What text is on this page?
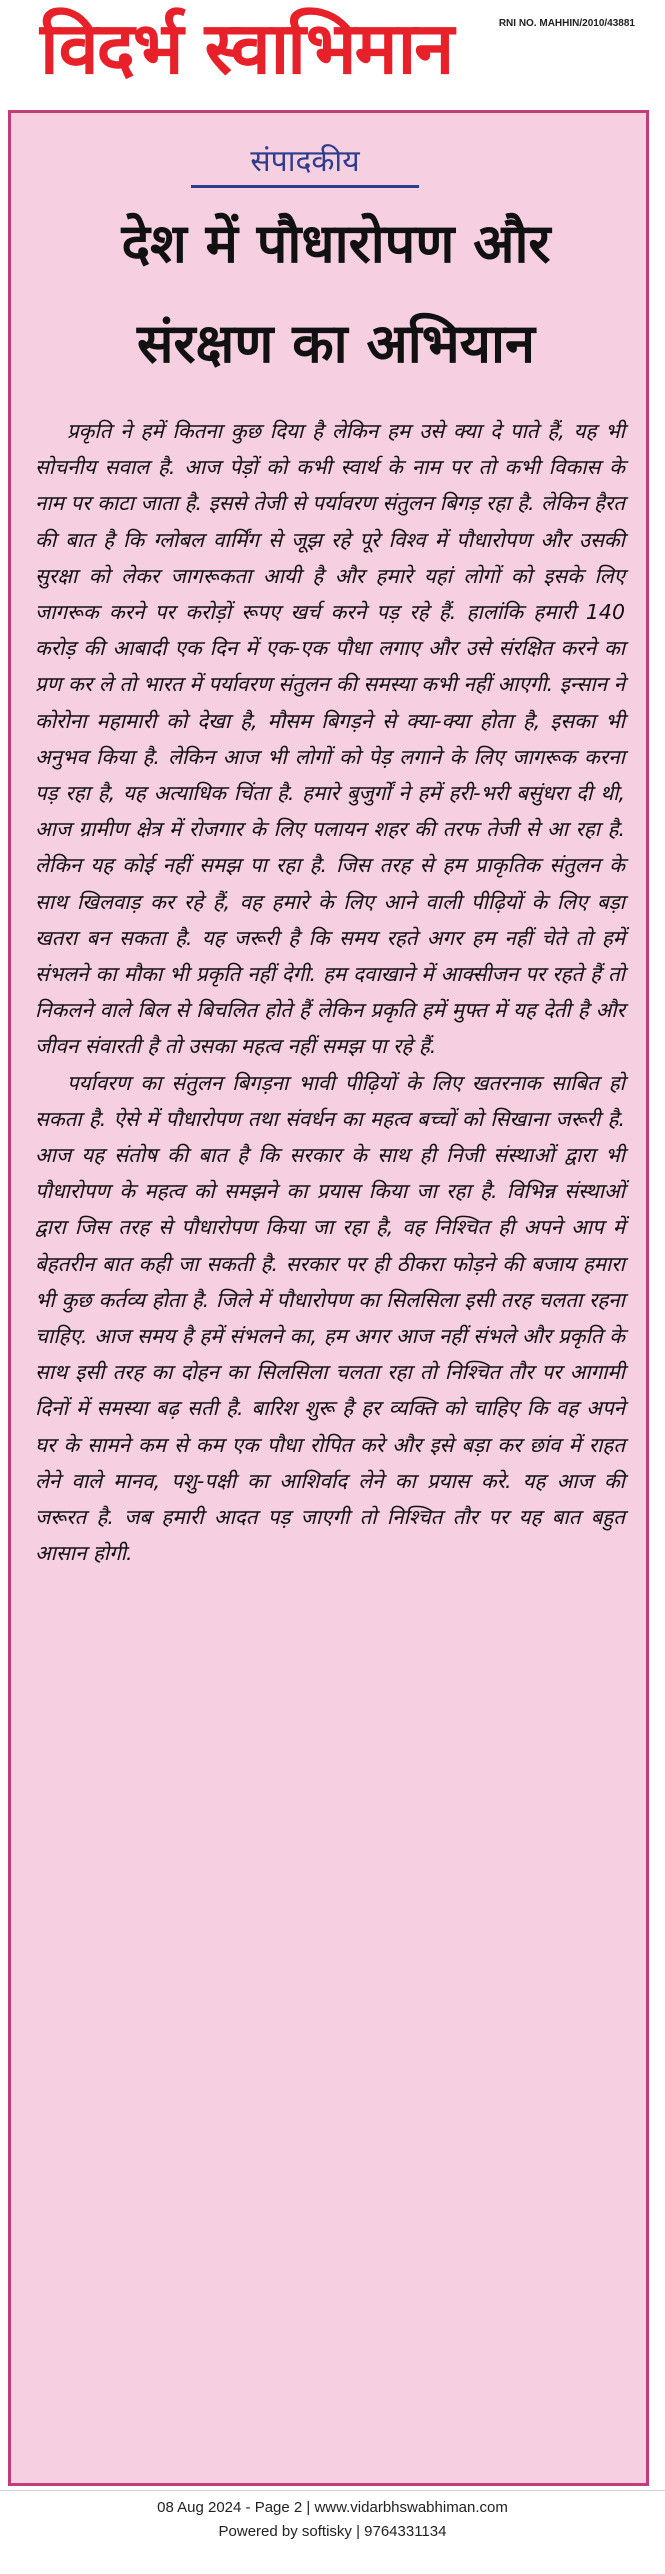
विदर्भ स्वाभिमान	RNI NO. MAHHIN/2010/43881
संपादकीय
देश में पौधारोपण और संरक्षण का अभियान

प्रकृति ने हमें कितना कुछ दिया है लेकिन हम उसे क्या दे पाते हैं, यह भी सोचनीय सवाल है. आज पेड़ों को कभी स्वार्थ के नाम पर तो कभी विकास के नाम पर काटा जाता है. इससे तेजी से पर्यावरण संतुलन बिगड़ रहा है. लेकिन हैरत की बात है कि ग्लोबल वार्मिंग से जूझ रहे पूरे विश्व में पौधारोपण और उसकी सुरक्षा को लेकर जागरूकता आयी है और हमारे यहां लोगों को इसके लिए जागरूक करने पर करोड़ों रूपए खर्च करने पड़ रहे हैं. हालांकि हमारी 140 करोड़ की आबादी एक दिन में एक-एक पौधा लगाए और उसे संरक्षित करने का प्रण कर ले तो भारत में पर्यावरण संतुलन की समस्या कभी नहीं आएगी. इन्सान ने कोरोना महामारी को देखा है, मौसम बिगड़ने से क्या-क्या होता है, इसका भी अनुभव किया है. लेकिन आज भी लोगों को पेड़ लगाने के लिए जागरूक करना पड़ रहा है, यह अत्याधिक चिंता है. हमारे बुजुर्गों ने हमें हरी-भरी बसुंधरा दी थी, आज ग्रामीण क्षेत्र में रोजगार के लिए पलायन शहर की तरफ तेजी से आ रहा है. लेकिन यह कोई नहीं समझ पा रहा है. जिस तरह से हम प्राकृतिक संतुलन के साथ खिलवाड़ कर रहे हैं, वह हमारे के लिए आने वाली पीढ़ियों के लिए बड़ा खतरा बन सकता है. यह जरूरी है कि समय रहते अगर हम नहीं चेते तो हमें संभलने का मौका भी प्रकृति नहीं देगी. हम दवाखाने में आक्सीजन पर रहते हैं तो निकलने वाले बिल से बिचलित होते हैं लेकिन प्रकृति हमें मुफ्त में यह देती है और जीवन संवारती है तो उसका महत्व नहीं समझ पा रहे हैं.

पर्यावरण का संतुलन बिगड़ना भावी पीढ़ियों के लिए खतरनाक साबित हो सकता है. ऐसे में पौधारोपण तथा संवर्धन का महत्व बच्चों को सिखाना जरूरी है. आज यह संतोष की बात है कि सरकार के साथ ही निजी संस्थाओं द्वारा भी पौधारोपण के महत्व को समझने का प्रयास किया जा रहा है. विभिन्न संस्थाओं द्वारा जिस तरह से पौधारोपण किया जा रहा है, वह निश्चित ही अपने आप में बेहतरीन बात कही जा सकती है. सरकार पर ही ठीकरा फोड़ने की बजाय हमारा भी कुछ कर्तव्य होता है. जिले में पौधारोपण का सिलसिला इसी तरह चलता रहना चाहिए. आज समय है हमें संभलने का, हम अगर आज नहीं संभले और प्रकृति के साथ इसी तरह का दोहन का सिलसिला चलता रहा तो निश्चित तौर पर आगामी दिनों में समस्या बढ़ सती है. बारिश शुरू है हर व्यक्ति को चाहिए कि वह अपने घर के सामने कम से कम एक पौधा रोपित करे और इसे बड़ा कर छांव में राहत लेने वाले मानव, पशु-पक्षी का आशिर्वाद लेने का प्रयास करे. यह आज की जरूरत है. जब हमारी आदत पड़ जाएगी तो निश्चित तौर पर यह बात बहुत आसान होगी.

08 Aug 2024 - Page 2 | www.vidarbhswabhiman.com
Powered by softisky | 9764331134
